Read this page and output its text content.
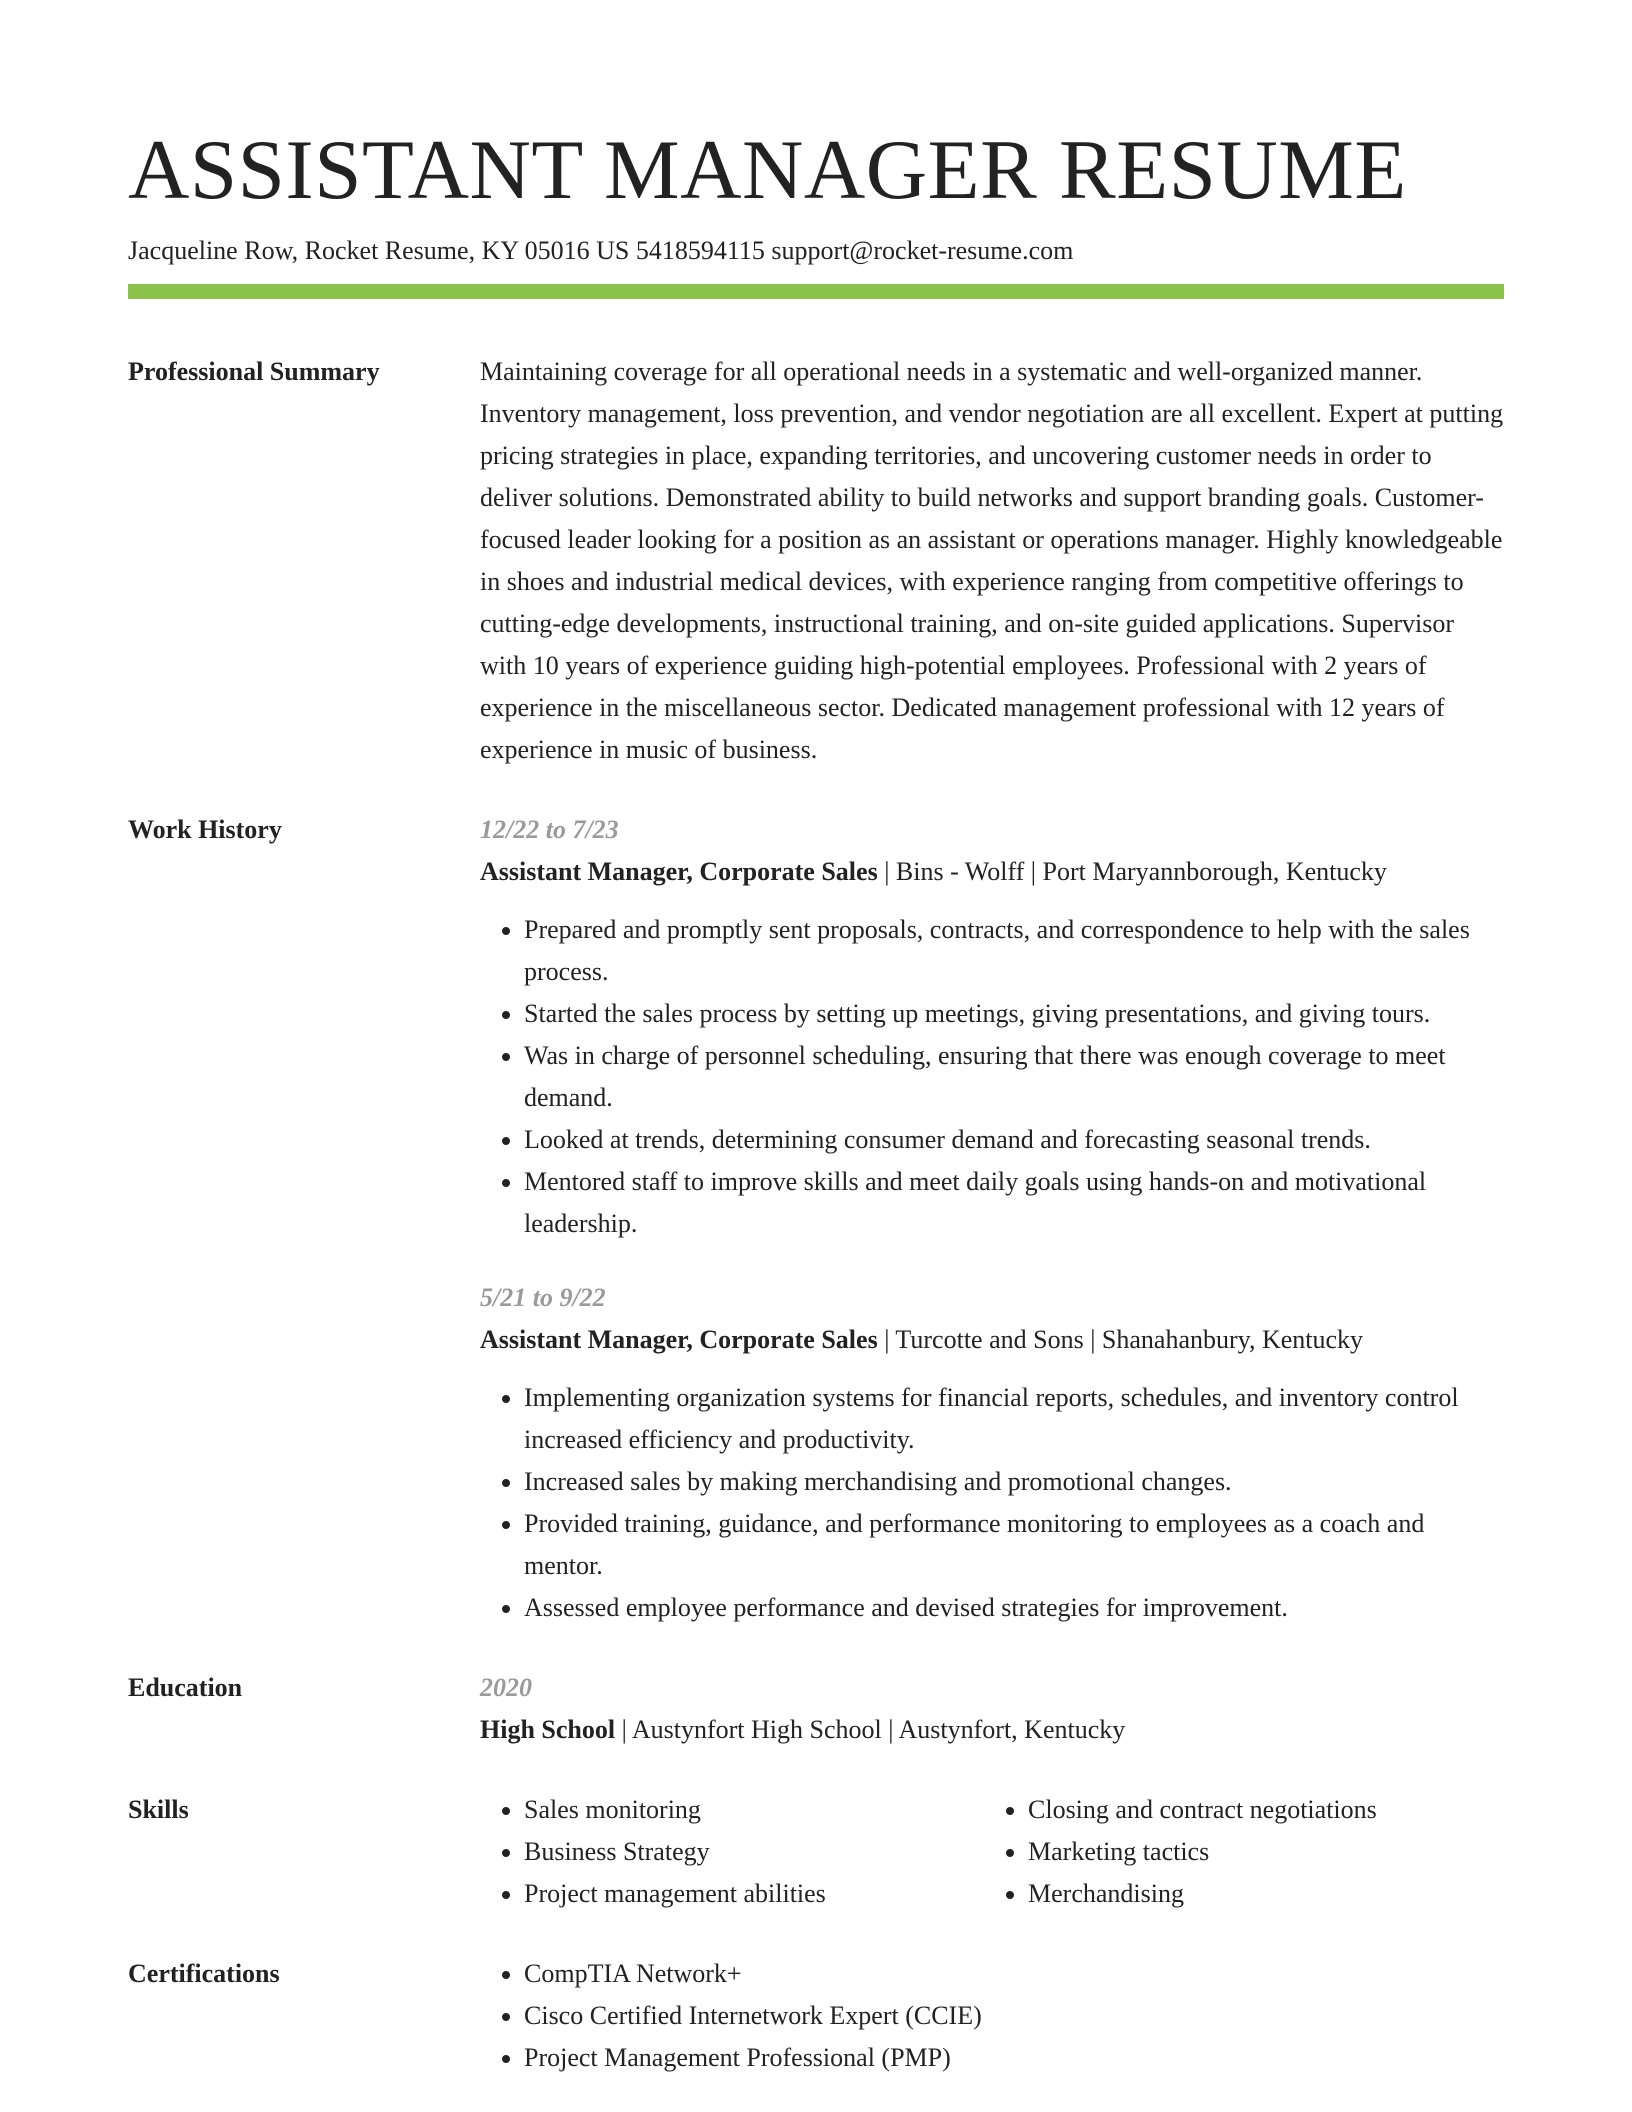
ASSISTANT MANAGER RESUME
Jacqueline Row, Rocket Resume, KY 05016 US 5418594115 support@rocket-resume.com
Professional Summary	Maintaining coverage for all operational needs in a systematic and well-organized manner. Inventory management, loss prevention, and vendor negotiation are all excellent. Expert at putting pricing strategies in place, expanding territories, and uncovering customer needs in order to deliver solutions. Demonstrated ability to build networks and support branding goals. Customer-focused leader looking for a position as an assistant or operations manager. Highly knowledgeable in shoes and industrial medical devices, with experience ranging from competitive offerings to cutting-edge developments, instructional training, and on-site guided applications. Supervisor with 10 years of experience guiding high-potential employees. Professional with 2 years of experience in the miscellaneous sector. Dedicated management professional with 12 years of experience in music of business.

Work History	12/22 to 7/23
Assistant Manager, Corporate Sales | Bins - Wolff | Port Maryannborough, Kentucky
• Prepared and promptly sent proposals, contracts, and correspondence to help with the sales process.
• Started the sales process by setting up meetings, giving presentations, and giving tours.
• Was in charge of personnel scheduling, ensuring that there was enough coverage to meet demand.
• Looked at trends, determining consumer demand and forecasting seasonal trends.
• Mentored staff to improve skills and meet daily goals using hands-on and motivational leadership.
5/21 to 9/22
Assistant Manager, Corporate Sales | Turcotte and Sons | Shanahanbury, Kentucky
• Implementing organization systems for financial reports, schedules, and inventory control increased efficiency and productivity.
• Increased sales by making merchandising and promotional changes.
• Provided training, guidance, and performance monitoring to employees as a coach and mentor.
• Assessed employee performance and devised strategies for improvement.
Education	2020
High School | Austynfort High School | Austynfort, Kentucky
Skills	• Sales monitoring
• Business Strategy
• Project management abilities
• Closing and contract negotiations
• Marketing tactics
• Merchandising
Certifications	• CompTIA Network+
• Cisco Certified Internetwork Expert (CCIE)
• Project Management Professional (PMP)
